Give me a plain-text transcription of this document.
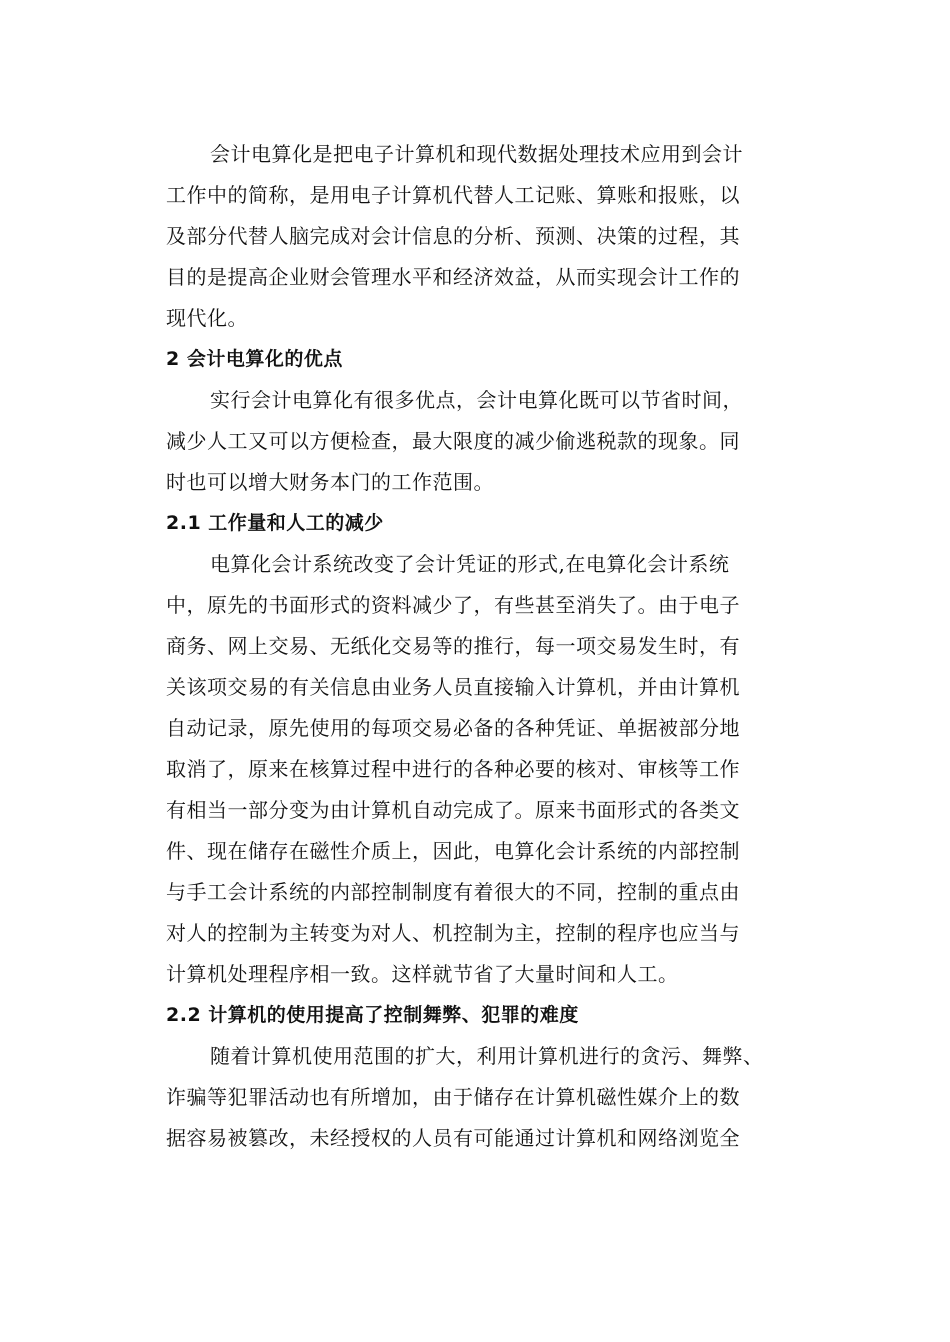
会计电算化是把电子计算机和现代数据处理技术应用到会计
工作中的简称，是用电子计算机代替人工记账、算账和报账，以
及部分代替人脑完成对会计信息的分析、预测、决策的过程，其
目的是提高企业财会管理水平和经济效益，从而实现会计工作的
现代化。
2 会计电算化的优点
实行会计电算化有很多优点，会计电算化既可以节省时间，
减少人工又可以方便检查，最大限度的减少偷逃税款的现象。同
时也可以增大财务本门的工作范围。
2.1 工作量和人工的减少
电算化会计系统改变了会计凭证的形式,在电算化会计系统
中，原先的书面形式的资料减少了，有些甚至消失了。由于电子
商务、网上交易、无纸化交易等的推行，每一项交易发生时，有
关该项交易的有关信息由业务人员直接输入计算机，并由计算机
自动记录，原先使用的每项交易必备的各种凭证、单据被部分地
取消了，原来在核算过程中进行的各种必要的核对、审核等工作
有相当一部分变为由计算机自动完成了。原来书面形式的各类文
件、现在储存在磁性介质上，因此，电算化会计系统的内部控制
与手工会计系统的内部控制制度有着很大的不同，控制的重点由
对人的控制为主转变为对人、机控制为主，控制的程序也应当与
计算机处理程序相一致。这样就节省了大量时间和人工。
2.2 计算机的使用提高了控制舞弊、犯罪的难度
随着计算机使用范围的扩大，利用计算机进行的贪污、舞弊、
诈骗等犯罪活动也有所增加，由于储存在计算机磁性媒介上的数
据容易被篡改，未经授权的人员有可能通过计算机和网络浏览全
